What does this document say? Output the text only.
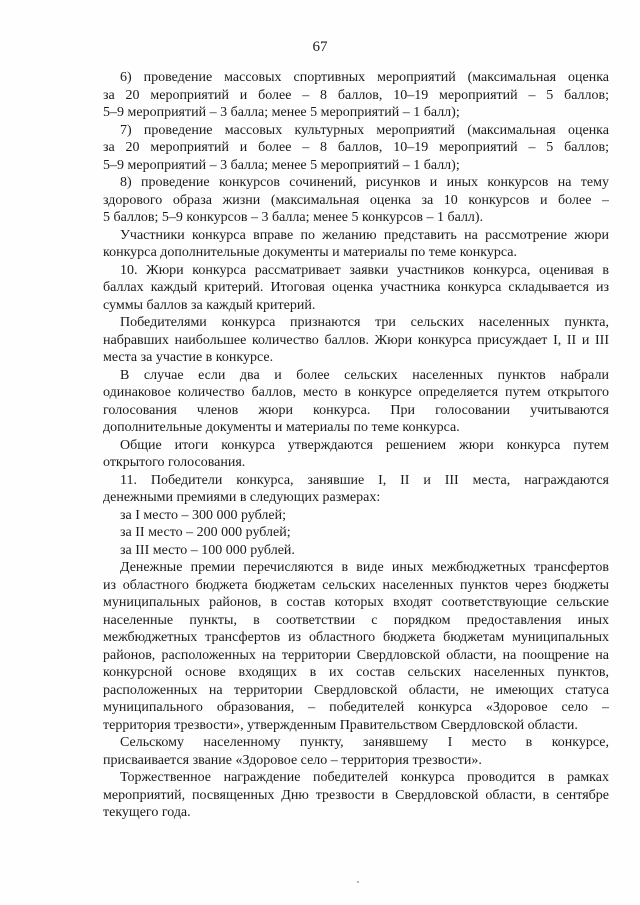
67
6) проведение массовых спортивных мероприятий (максимальная оценка
за 20 мероприятий и более – 8 баллов, 10–19 мероприятий – 5 баллов;
5–9 мероприятий – 3 балла; менее 5 мероприятий – 1 балл);
7) проведение массовых культурных мероприятий (максимальная оценка
за 20 мероприятий и более – 8 баллов, 10–19 мероприятий – 5 баллов;
5–9 мероприятий – 3 балла; менее 5 мероприятий – 1 балл);
8) проведение конкурсов сочинений, рисунков и иных конкурсов на тему
здорового образа жизни (максимальная оценка за 10 конкурсов и более –
5 баллов; 5–9 конкурсов – 3 балла; менее 5 конкурсов – 1 балл).
Участники конкурса вправе по желанию представить на рассмотрение жюри
конкурса дополнительные документы и материалы по теме конкурса.
10. Жюри конкурса рассматривает заявки участников конкурса, оценивая в
баллах каждый критерий. Итоговая оценка участника конкурса складывается из
суммы баллов за каждый критерий.
Победителями конкурса признаются три сельских населенных пункта,
набравших наибольшее количество баллов. Жюри конкурса присуждает I, II и III
места за участие в конкурсе.
В случае если два и более сельских населенных пунктов набрали
одинаковое количество баллов, место в конкурсе определяется путем открытого
голосования членов жюри конкурса. При голосовании учитываются
дополнительные документы и материалы по теме конкурса.
Общие итоги конкурса утверждаются решением жюри конкурса путем
открытого голосования.
11. Победители конкурса, занявшие I, II и III места, награждаются
денежными премиями в следующих размерах:
за I место – 300 000 рублей;
за II место – 200 000 рублей;
за III место – 100 000 рублей.
Денежные премии перечисляются в виде иных межбюджетных трансфертов
из областного бюджета бюджетам сельских населенных пунктов через бюджеты
муниципальных районов, в состав которых входят соответствующие сельские
населенные пункты, в соответствии с порядком предоставления иных
межбюджетных трансфертов из областного бюджета бюджетам муниципальных
районов, расположенных на территории Свердловской области, на поощрение на
конкурсной основе входящих в их состав сельских населенных пунктов,
расположенных на территории Свердловской области, не имеющих статуса
муниципального образования, – победителей конкурса «Здоровое село –
территория трезвости», утвержденным Правительством Свердловской области.
Сельскому населенному пункту, занявшему I место в конкурсе,
присваивается звание «Здоровое село – территория трезвости».
Торжественное награждение победителей конкурса проводится в рамках
мероприятий, посвященных Дню трезвости в Свердловской области, в сентябре
текущего года.
